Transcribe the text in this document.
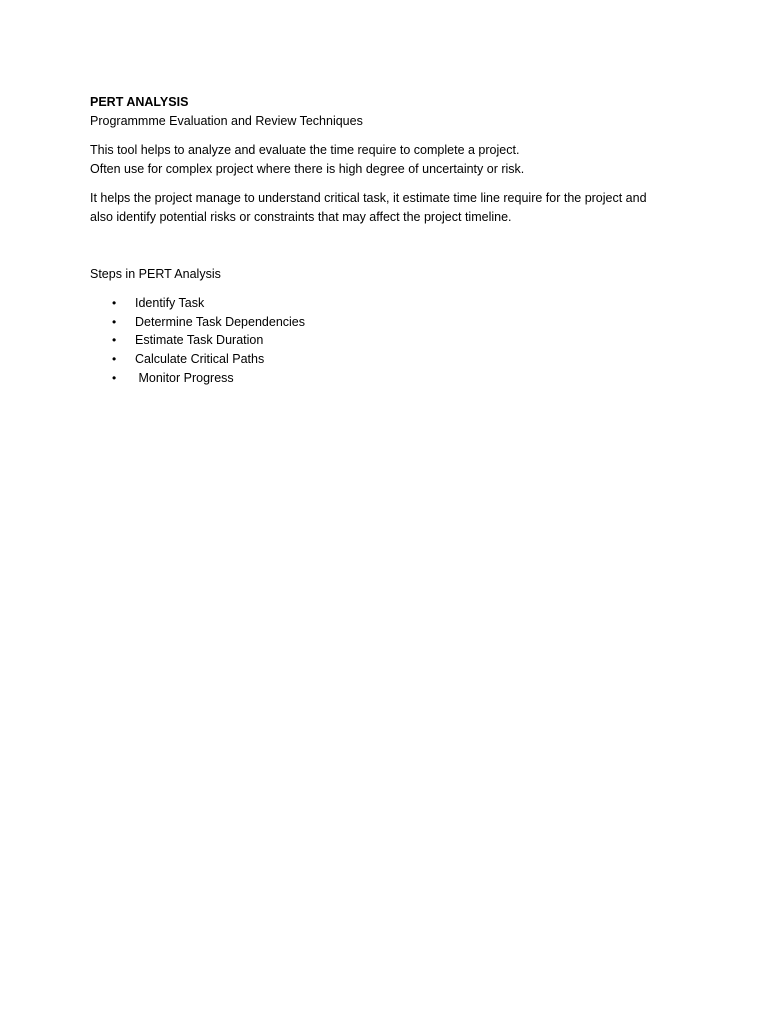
PERT ANALYSIS
Programmme Evaluation and Review Techniques
This tool helps to analyze and evaluate the time require to complete a project.
Often use for complex project where there is high degree of uncertainty or risk.
It helps the project manage to understand critical task, it estimate time line require for the project and
also identify potential risks or constraints that may affect the project timeline.
Steps in PERT Analysis
• Identify Task
• Determine Task Dependencies
• Estimate Task Duration
• Calculate Critical Paths
• Monitor Progress
